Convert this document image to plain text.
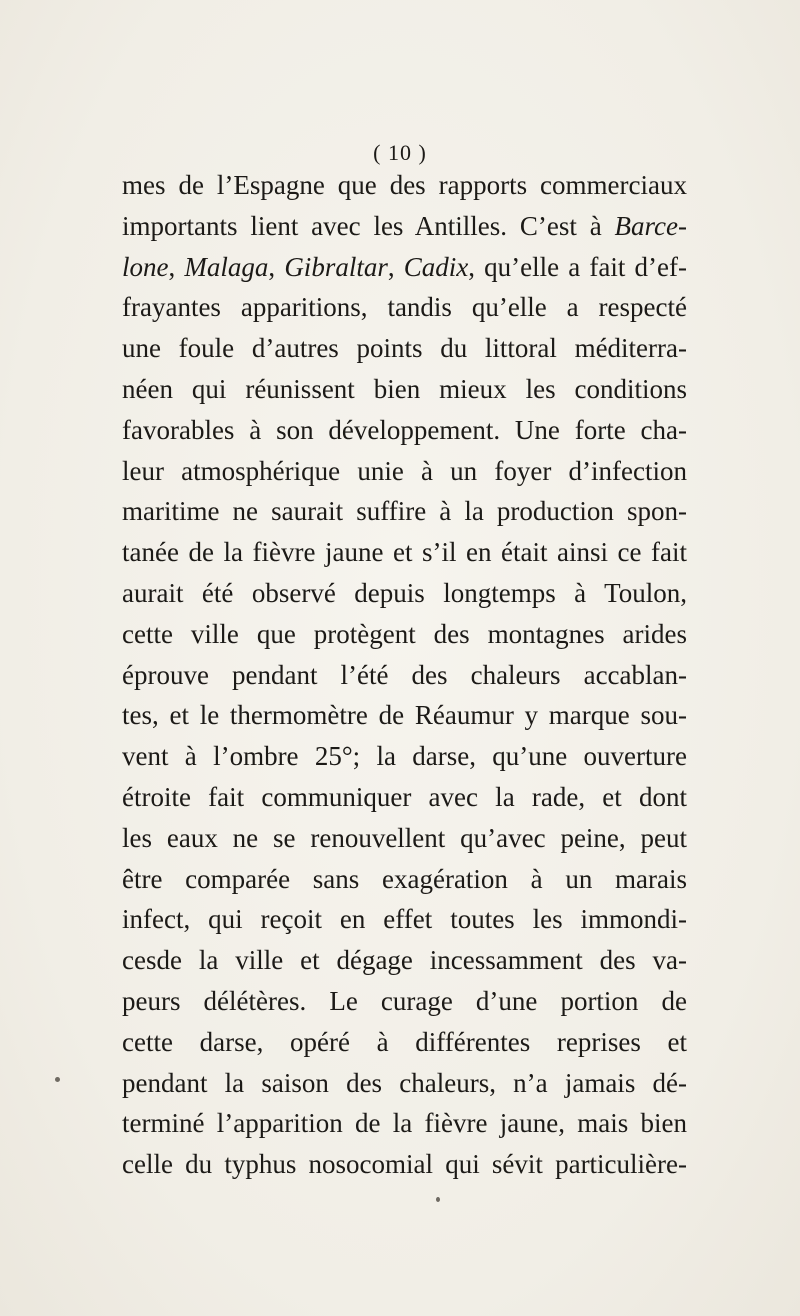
( 10 )
mes de l’Espagne que des rapports commerciaux
importants lient avec les Antilles. C’est à Barce-
lone, Malaga, Gibraltar, Cadix, qu’elle a fait d’ef-
frayantes apparitions, tandis qu’elle a respecté
une foule d’autres points du littoral méditerra-
néen qui réunissent bien mieux les conditions
favorables à son développement. Une forte cha-
leur atmosphérique unie à un foyer d’infection
maritime ne saurait suffire à la production spon-
tanée de la fièvre jaune et s’il en était ainsi ce fait
aurait été observé depuis longtemps à Toulon,
cette ville que protègent des montagnes arides
éprouve pendant l’été des chaleurs accablan-
tes, et le thermomètre de Réaumur y marque sou-
vent à l’ombre 25°; la darse, qu’une ouverture
étroite fait communiquer avec la rade, et dont
les eaux ne se renouvellent qu’avec peine, peut
être comparée sans exagération à un marais
infect, qui reçoit en effet toutes les immondi-
cesde la ville et dégage incessamment des va-
peurs délétères. Le curage d’une portion de
cette darse, opéré à différentes reprises et
pendant la saison des chaleurs, n’a jamais dé-
terminé l’apparition de la fièvre jaune, mais bien
celle du typhus nosocomial qui sévit particulière-
